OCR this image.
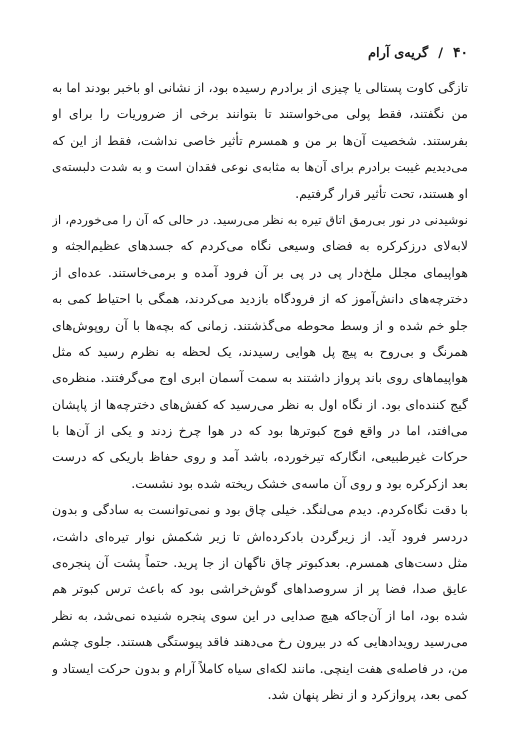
۴۰
/
گریه‌ی آرام
تازگی کاوت پستالی یا چیزی از برادرم رسیده بود، از نشانی او باخبر بودند اما به
من نگفتند، فقط پولی می‌خواستند تا بتوانند برخی از ضروریات را برای او
بفرستند. شخصیت آن‌ها بر من و همسرم تأثیر خاصی نداشت، فقط از این که
می‌دیدیم غیبت برادرم برای آن‌ها به مثابه‌ی نوعی فقدان است و به شدت دلبسته‌ی
او هستند، تحت تأثیر قرار گرفتیم.
نوشیدنی در نور بی‌رمق اتاق تیره به نظر می‌رسید. در حالی که آن را می‌خوردم، از
لابه‌لای درزکرکره به فضای وسیعی نگاه می‌کردم که جسدهای عظیم‌الجثه و
هواپیمای مجلل ملخ‌دار پی در پی بر آن فرود آمده و برمی‌خاستند. عده‌ای از
دخترچه‌های دانش‌آموز که از فرودگاه بازدید می‌کردند، همگی با احتیاط کمی به
جلو خم شده و از وسط محوطه می‌گذشتند. زمانی که بچه‌ها با آن روپوش‌های
همرنگ و بی‌روح به پیچ پل هوایی رسیدند، یک لحظه به نظرم رسید که مثل
هواپیماهای روی باند پرواز داشتند به سمت آسمان ابری اوج می‌گرفتند. منظره‌ی
گیج کننده‌ای بود. از نگاه اول به نظر می‌رسید که کفش‌های دخترچه‌ها از پاپشان
می‌افتد، اما در واقع فوج کبوترها بود که در هوا چرخ زدند و یکی از آن‌ها با
حرکات غیرطبیعی، انگارکه تیرخورده، باشد آمد و روی حفاظ باریکی که درست
بعد ازکرکره بود و روی آن ماسه‌ی خشک ریخته شده بود نشست.
با دقت نگاه‌کردم. دیدم می‌لنگد. خیلی چاق بود و نمی‌توانست به سادگی و بدون
دردسر فرود آید. از زیرگردن بادکرده‌اش تا زیر شکمش نوار تیره‌ای داشت،
مثل دست‌های همسرم. بعدکبوتر چاق ناگهان از جا پرید. حتماً پشت آن پنجره‌ی
عایق صدا، فضا پر از سروصداهای گوش‌خراشی بود که باعث ترس کبوتر هم
شده بود، اما از آن‌جاکه هیچ صدایی در این سوی پنجره شنیده نمی‌شد، به نظر
می‌رسید رویدادهایی که در بیرون رخ می‌دهند فاقد پیوستگی هستند. جلوی چشم
من، در فاصله‌ی هفت اینچی. مانند لکه‌ای سیاه کاملاً آرام و بدون حرکت ایستاد و
کمی بعد، پروازکرد و از نظر پنهان شد.
